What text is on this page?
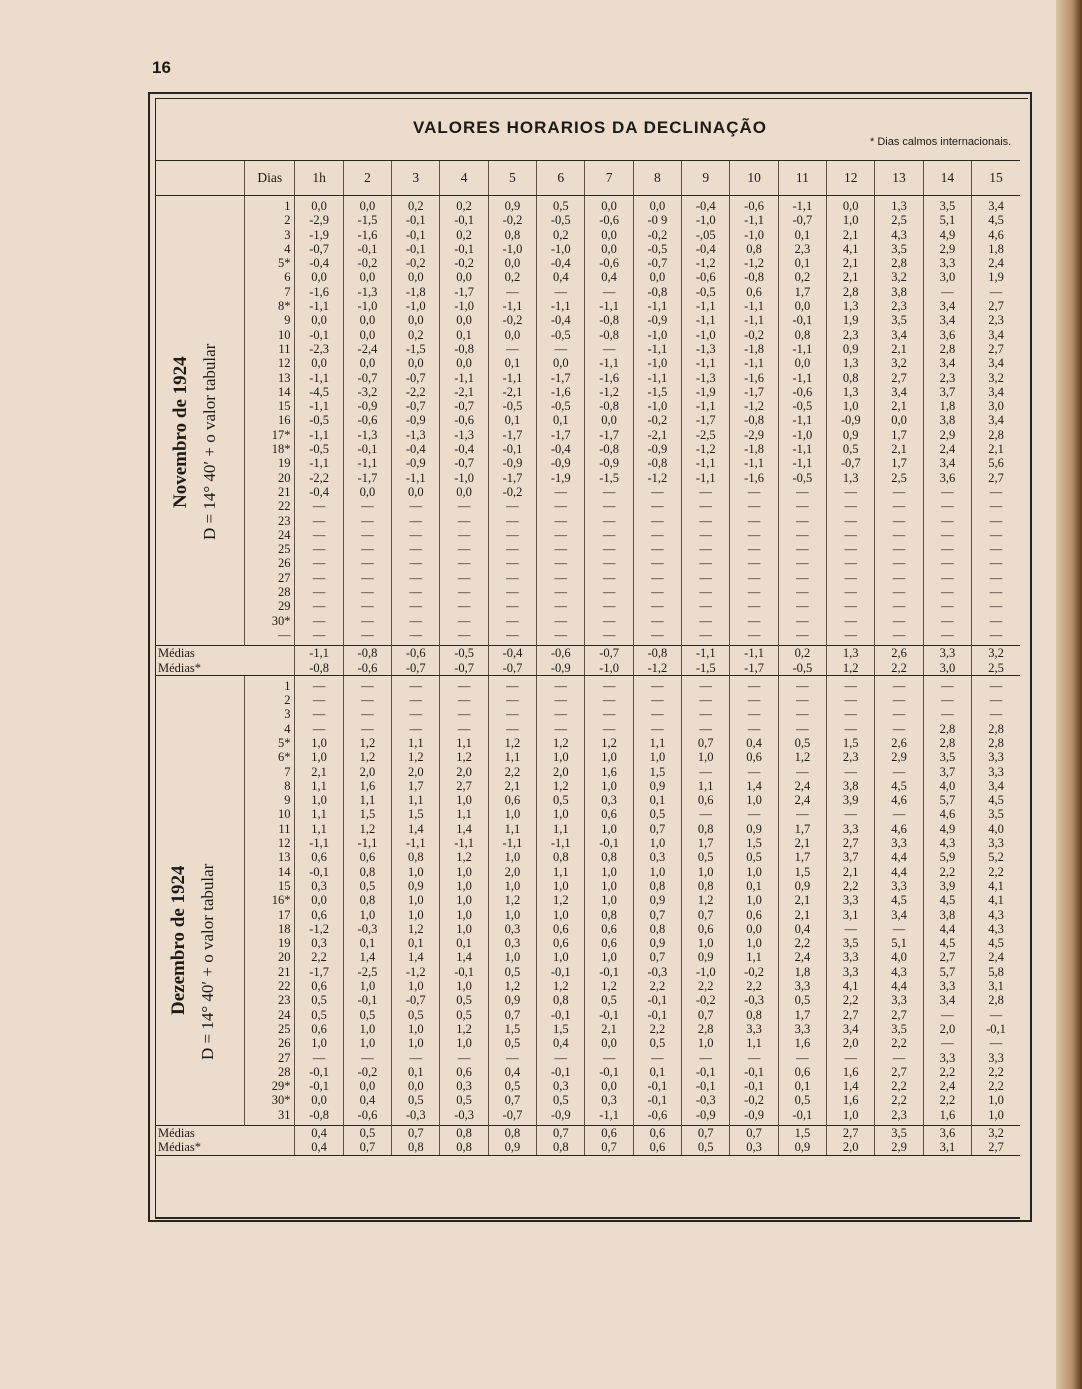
16
VALORES HORARIOS DA DECLINAÇÃO
* Dias calmos internacionais.
	Dias	1h	2	3	4	5	6	7	8	9	10	11	12	13	14	15

	1	0,0	0,0	0,2	0,2	0,9	0,5	0,0	0,0	-0,4	-0,6	-1,1	0,0	1,3	3,5	3,4
	2	-2,9	-1,5	-0,1	-0,1	-0,2	-0,5	-0,6	-0 9	-1,0	-1,1	-0,7	1,0	2,5	5,1	4,5
	3	-1,9	-1,6	-0,1	0,2	0,8	0,2	0,0	-0,2	-,05	-1,0	0,1	2,1	4,3	4,9	4,6
	4	-0,7	-0,1	-0,1	-0,1	-1,0	-1,0	0,0	-0,5	-0,4	0,8	2,3	4,1	3,5	2,9	1,8
	5*	-0,4	-0,2	-0,2	-0,2	0,0	-0,4	-0,6	-0,7	-1,2	-1,2	0,1	2,1	2,8	3,3	2,4
	6	0,0	0,0	0,0	0,0	0,2	0,4	0,4	0,0	-0,6	-0,8	0,2	2,1	3,2	3,0	1,9
	7	-1,6	-1,3	-1,8	-1,7	—	—	—	-0,8	-0,5	0,6	1,7	2,8	3,8	—	—
	8*	-1,1	-1,0	-1,0	-1,0	-1,1	-1,1	-1,1	-1,1	-1,1	-1,1	0,0	1,3	2,3	3,4	2,7
	9	0,0	0,0	0,0	0,0	-0,2	-0,4	-0,8	-0,9	-1,1	-1,1	-0,1	1,9	3,5	3,4	2,3
	10	-0,1	0,0	0,2	0,1	0,0	-0,5	-0,8	-1,0	-1,0	-0,2	0,8	2,3	3,4	3,6	3,4
	11	-2,3	-2,4	-1,5	-0,8	—	—	—	-1,1	-1,3	-1,8	-1,1	0,9	2,1	2,8	2,7
	12	0,0	0,0	0,0	0,0	0,1	0,0	-1,1	-1,0	-1,1	-1,1	0,0	1,3	3,2	3,4	3,4
	13	-1,1	-0,7	-0,7	-1,1	-1,1	-1,7	-1,6	-1,1	-1,3	-1,6	-1,1	0,8	2,7	2,3	3,2
	14	-4,5	-3,2	-2,2	-2,1	-2,1	-1,6	-1,2	-1,5	-1,9	-1,7	-0,6	1,3	3,4	3,7	3,4
	15	-1,1	-0,9	-0,7	-0,7	-0,5	-0,5	-0,8	-1,0	-1,1	-1,2	-0,5	1,0	2,1	1,8	3,0
	16	-0,5	-0,6	-0,9	-0,6	0,1	0,1	0,0	-0,2	-1,7	-0,8	-1,1	-0,9	0,0	3,8	3,4
	17*	-1,1	-1,3	-1,3	-1,3	-1,7	-1,7	-1,7	-2,1	-2,5	-2,9	-1,0	0,9	1,7	2,9	2,8
	18*	-0,5	-0,1	-0,4	-0,4	-0,1	-0,4	-0,8	-0,9	-1,2	-1,8	-1,1	0,5	2,1	2,4	2,1
	19	-1,1	-1,1	-0,9	-0,7	-0,9	-0,9	-0,9	-0,8	-1,1	-1,1	-1,1	-0,7	1,7	3,4	5,6
	20	-2,2	-1,7	-1,1	-1,0	-1,7	-1,9	-1,5	-1,2	-1,1	-1,6	-0,5	1,3	2,5	3,6	2,7
	21	-0,4	0,0	0,0	0,0	-0,2	—	—	—	—	—	—	—	—	—	—
	22	—	—	—	—	—	—	—	—	—	—	—	—	—	—	—
	23	—	—	—	—	—	—	—	—	—	—	—	—	—	—	—
	24	—	—	—	—	—	—	—	—	—	—	—	—	—	—	—
	25	—	—	—	—	—	—	—	—	—	—	—	—	—	—	—
	26	—	—	—	—	—	—	—	—	—	—	—	—	—	—	—
	27	—	—	—	—	—	—	—	—	—	—	—	—	—	—	—
	28	—	—	—	—	—	—	—	—	—	—	—	—	—	—	—
	29	—	—	—	—	—	—	—	—	—	—	—	—	—	—	—
	30*	—	—	—	—	—	—	—	—	—	—	—	—	—	—	—
	—	—	—	—	—	—	—	—	—	—	—	—	—	—	—	—

Médias		-1,1	-0,8	-0,6	-0,5	-0,4	-0,6	-0,7	-0,8	-1,1	-1,1	0,2	1,3	2,6	3,3	3,2
Médias*		-0,8	-0,6	-0,7	-0,7	-0,7	-0,9	-1,0	-1,2	-1,5	-1,7	-0,5	1,2	2,2	3,0	2,5

	1	—	—	—	—	—	—	—	—	—	—	—	—	—	—	—
	2	—	—	—	—	—	—	—	—	—	—	—	—	—	—	—
	3	—	—	—	—	—	—	—	—	—	—	—	—	—	—	—
	4	—	—	—	—	—	—	—	—	—	—	—	—	—	2,8	2,8
	5*	1,0	1,2	1,1	1,1	1,2	1,2	1,2	1,1	0,7	0,4	0,5	1,5	2,6	2,8	2,8
	6*	1,0	1,2	1,2	1,2	1,1	1,0	1,0	1,0	1,0	0,6	1,2	2,3	2,9	3,5	3,3
	7	2,1	2,0	2,0	2,0	2,2	2,0	1,6	1,5	—	—	—	—	—	3,7	3,3
	8	1,1	1,6	1,7	2,7	2,1	1,2	1,0	0,9	1,1	1,4	2,4	3,8	4,5	4,0	3,4
	9	1,0	1,1	1,1	1,0	0,6	0,5	0,3	0,1	0,6	1,0	2,4	3,9	4,6	5,7	4,5
	10	1,1	1,5	1,5	1,1	1,0	1,0	0,6	0,5	—	—	—	—	—	4,6	3,5
	11	1,1	1,2	1,4	1,4	1,1	1,1	1,0	0,7	0,8	0,9	1,7	3,3	4,6	4,9	4,0
	12	-1,1	-1,1	-1,1	-1,1	-1,1	-1,1	-0,1	1,0	1,7	1,5	2,1	2,7	3,3	4,3	3,3
	13	0,6	0,6	0,8	1,2	1,0	0,8	0,8	0,3	0,5	0,5	1,7	3,7	4,4	5,9	5,2
	14	-0,1	0,8	1,0	1,0	2,0	1,1	1,0	1,0	1,0	1,0	1,5	2,1	4,4	2,2	2,2
	15	0,3	0,5	0,9	1,0	1,0	1,0	1,0	0,8	0,8	0,1	0,9	2,2	3,3	3,9	4,1
	16*	0,0	0,8	1,0	1,0	1,2	1,2	1,0	0,9	1,2	1,0	2,1	3,3	4,5	4,5	4,1
	17	0,6	1,0	1,0	1,0	1,0	1,0	0,8	0,7	0,7	0,6	2,1	3,1	3,4	3,8	4,3
	18	-1,2	-0,3	1,2	1,0	0,3	0,6	0,6	0,8	0,6	0,0	0,4	—	—	4,4	4,3
	19	0,3	0,1	0,1	0,1	0,3	0,6	0,6	0,9	1,0	1,0	2,2	3,5	5,1	4,5	4,5
	20	2,2	1,4	1,4	1,4	1,0	1,0	1,0	0,7	0,9	1,1	2,4	3,3	4,0	2,7	2,4
	21	-1,7	-2,5	-1,2	-0,1	0,5	-0,1	-0,1	-0,3	-1,0	-0,2	1,8	3,3	4,3	5,7	5,8
	22	0,6	1,0	1,0	1,0	1,2	1,2	1,2	2,2	2,2	2,2	3,3	4,1	4,4	3,3	3,1
	23	0,5	-0,1	-0,7	0,5	0,9	0,8	0,5	-0,1	-0,2	-0,3	0,5	2,2	3,3	3,4	2,8
	24	0,5	0,5	0,5	0,5	0,7	-0,1	-0,1	-0,1	0,7	0,8	1,7	2,7	2,7	—	—
	25	0,6	1,0	1,0	1,2	1,5	1,5	2,1	2,2	2,8	3,3	3,3	3,4	3,5	2,0	-0,1
	26	1,0	1,0	1,0	1,0	0,5	0,4	0,0	0,5	1,0	1,1	1,6	2,0	2,2	—	—
	27	—	—	—	—	—	—	—	—	—	—	—	—	—	3,3	3,3
	28	-0,1	-0,2	0,1	0,6	0,4	-0,1	-0,1	0,1	-0,1	-0,1	0,6	1,6	2,7	2,2	2,2
	29*	-0,1	0,0	0,0	0,3	0,5	0,3	0,0	-0,1	-0,1	-0,1	0,1	1,4	2,2	2,4	2,2
	30*	0,0	0,4	0,5	0,5	0,7	0,5	0,3	-0,1	-0,3	-0,2	0,5	1,6	2,2	2,2	1,0
	31	-0,8	-0,6	-0,3	-0,3	-0,7	-0,9	-1,1	-0,6	-0,9	-0,9	-0,1	1,0	2,3	1,6	1,0

Médias		0,4	0,5	0,7	0,8	0,8	0,7	0,6	0,6	0,7	0,7	1,5	2,7	3,5	3,6	3,2
Médias*		0,4	0,7	0,8	0,8	0,9	0,8	0,7	0,6	0,5	0,3	0,9	2,0	2,9	3,1	2,7
Novembro de 1924 D = 14° 40′ + o valor tabular
Dezembro de 1924 D = 14° 40′ + o valor tabular
